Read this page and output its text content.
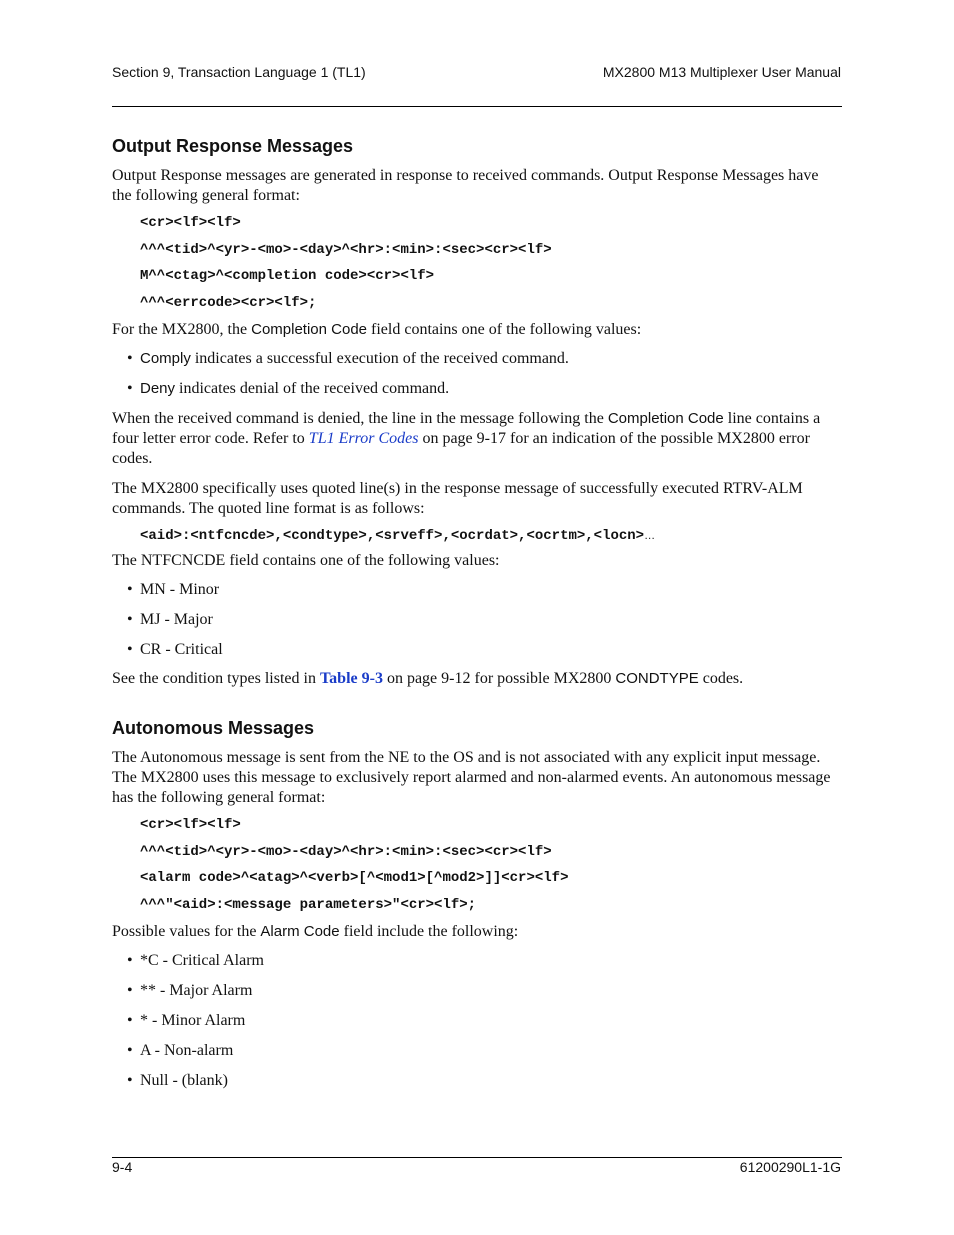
Section 9, Transaction Language 1 (TL1)	MX2800 M13 Multiplexer User Manual
Output Response Messages

Output Response messages are generated in response to received commands. Output Response Messages have the following general format:

<cr><lf><lf>
^^^<tid>^<yr>-<mo>-<day>^<hr>:<min>:<sec><cr><lf>
M^^<ctag>^<completion code><cr><lf>
^^^<errcode><cr><lf>;

For the MX2800, the Completion Code field contains one of the following values:

• Comply indicates a successful execution of the received command.
• Deny indicates denial of the received command.

When the received command is denied, the line in the message following the Completion Code line contains a four letter error code. Refer to TL1 Error Codes on page 9-17 for an indication of the possible MX2800 error codes.

The MX2800 specifically uses quoted line(s) in the response message of successfully executed RTRV-ALM commands. The quoted line format is as follows:

<aid>:<ntfcncde>,<condtype>,<srveff>,<ocrdat>,<ocrtm>,<locn>…

The NTFCNCDE field contains one of the following values:

• MN - Minor
• MJ - Major
• CR - Critical

See the condition types listed in Table 9-3 on page 9-12 for possible MX2800 CONDTYPE codes.

Autonomous Messages

The Autonomous message is sent from the NE to the OS and is not associated with any explicit input message. The MX2800 uses this message to exclusively report alarmed and non-alarmed events. An autonomous message has the following general format:

<cr><lf><lf>
^^^<tid>^<yr>-<mo>-<day>^<hr>:<min>:<sec><cr><lf>
<alarm code>^<atag>^<verb>[^<mod1>[^mod2>]]<cr><lf>
^^^"<aid>:<message parameters>"<cr><lf>;

Possible values for the Alarm Code field include the following:

• *C - Critical Alarm
• ** - Major Alarm
• * - Minor Alarm
• A - Non-alarm
• Null - (blank)
9-4	61200290L1-1G
